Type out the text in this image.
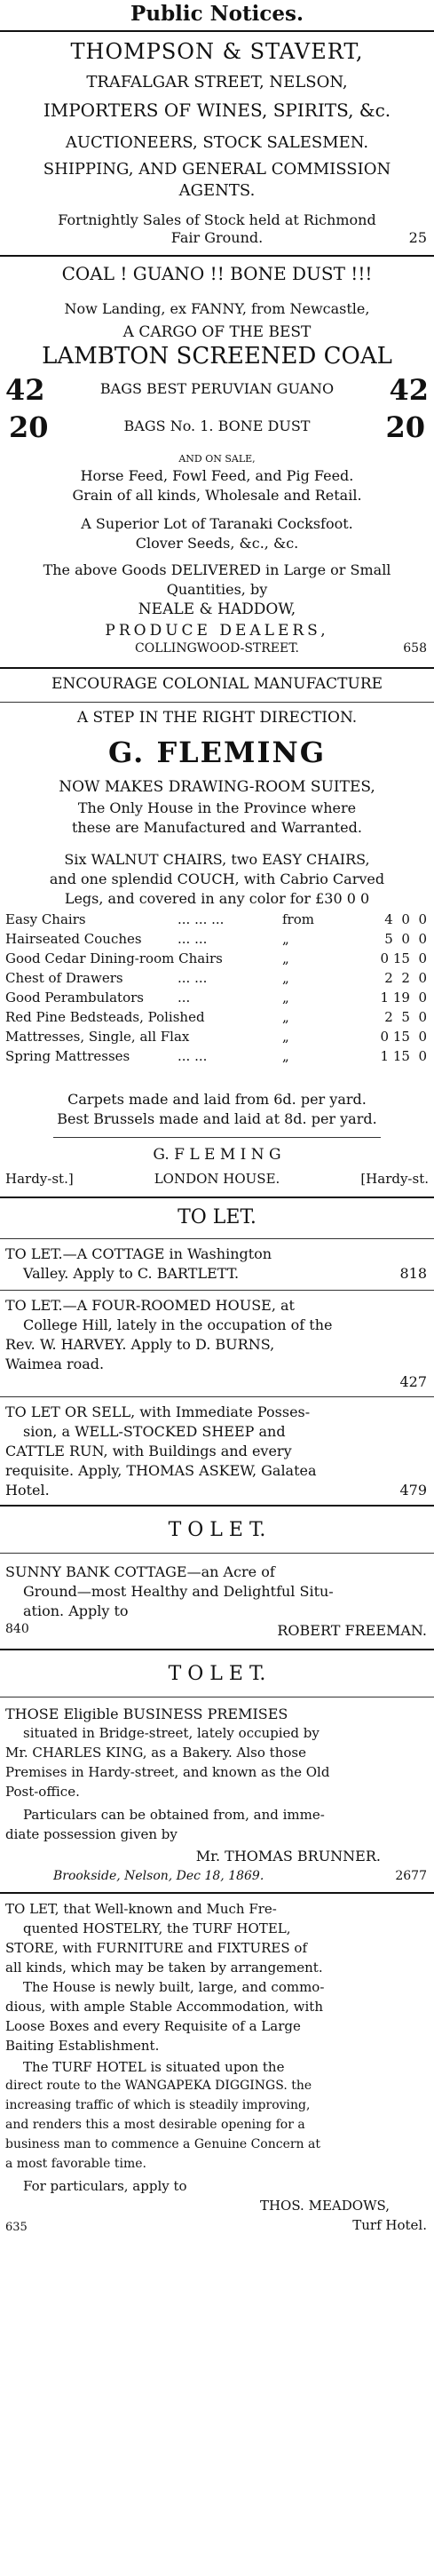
Public Notices.
THOMPSON & STAVERT,
TRAFALGAR STREET, NELSON,
IMPORTERS OF WINES, SPIRITS, &c.
AUCTIONEERS, STOCK SALESMEN.
SHIPPING, AND GENERAL COMMISSION
AGENTS.
Fortnightly Sales of Stock held at Richmond
Fair Ground.	25
COAL ! GUANO !! BONE DUST !!!
Now Landing, ex FANNY, from Newcastle,
A CARGO OF THE BEST
LAMBTON SCREENED COAL
42	BAGS BEST PERUVIAN GUANO	42
20	BAGS No. 1. BONE DUST	20
AND ON SALE,
Horse Feed, Fowl Feed, and Pig Feed.
Grain of all kinds, Wholesale and Retail.
A Superior Lot of Taranaki Cocksfoot.
Clover Seeds, &c., &c.
The above Goods DELIVERED in Large or Small
Quantities, by
NEALE & HADDOW,
PRODUCE DEALERS,
COLLINGWOOD-STREET.	658
ENCOURAGE COLONIAL MANUFACTURE
A STEP IN THE RIGHT DIRECTION.
G. FLEMING
NOW MAKES DRAWING-ROOM SUITES,
The Only House in the Province where
these are Manufactured and Warranted.
Six WALNUT CHAIRS, two EASY CHAIRS,
and one splendid COUCH, with Cabrio Carved
Legs, and covered in any color for £30 0 0
Easy Chairs	... ... ...	from	4  0  0
Hairseated Couches	... ...	„	5  0  0
Good Cedar Dining-room Chairs	„	0 15  0
Chest of Drawers	... ...	„	2  2  0
Good Perambulators	...	„	1 19  0
Red Pine Bedsteads, Polished	„	2  5  0
Mattresses, Single, all Flax	„	0 15  0
Spring Mattresses	... ...	„	1 15  0
Carpets made and laid from 6d. per yard.
Best Brussels made and laid at 8d. per yard.
G. F L E M I N G
Hardy-st.]	LONDON HOUSE.	[Hardy-st.
TO LET.
TO LET.—A COTTAGE in Washington
Valley. Apply to C. BARTLETT.	818
TO LET.—A FOUR-ROOMED HOUSE, at
College Hill, lately in the occupation of the
Rev. W. HARVEY. Apply to D. BURNS,
Waimea road.
427
TO LET OR SELL, with Immediate Posses-
sion, a WELL-STOCKED SHEEP and
CATTLE RUN, with Buildings and every
requisite. Apply, THOMAS ASKEW, Galatea
Hotel.	479
T O L E T.
SUNNY BANK COTTAGE—an Acre of
Ground—most Healthy and Delightful Situ-
ation. Apply to
840	ROBERT FREEMAN.
T O L E T.
THOSE Eligible BUSINESS PREMISES
situated in Bridge-street, lately occupied by
Mr. CHARLES KING, as a Bakery. Also those
Premises in Hardy-street, and known as the Old
Post-office.
Particulars can be obtained from, and imme-
diate possession given by
Mr. THOMAS BRUNNER.
Brookside, Nelson, Dec 18, 1869.	2677
TO LET, that Well-known and Much Fre-
quented HOSTELRY, the TURF HOTEL,
STORE, with FURNITURE and FIXTURES of
all kinds, which may be taken by arrangement.
The House is newly built, large, and commo-
dious, with ample Stable Accommodation, with
Loose Boxes and every Requisite of a Large
Baiting Establishment.
The TURF HOTEL is situated upon the
direct route to the WANGAPEKA DIGGINGS. the
increasing traffic of which is steadily improving,
and renders this a most desirable opening for a
business man to commence a Genuine Concern at
a most favorable time.
For particulars, apply to
THOS. MEADOWS,
Turf Hotel.
635
